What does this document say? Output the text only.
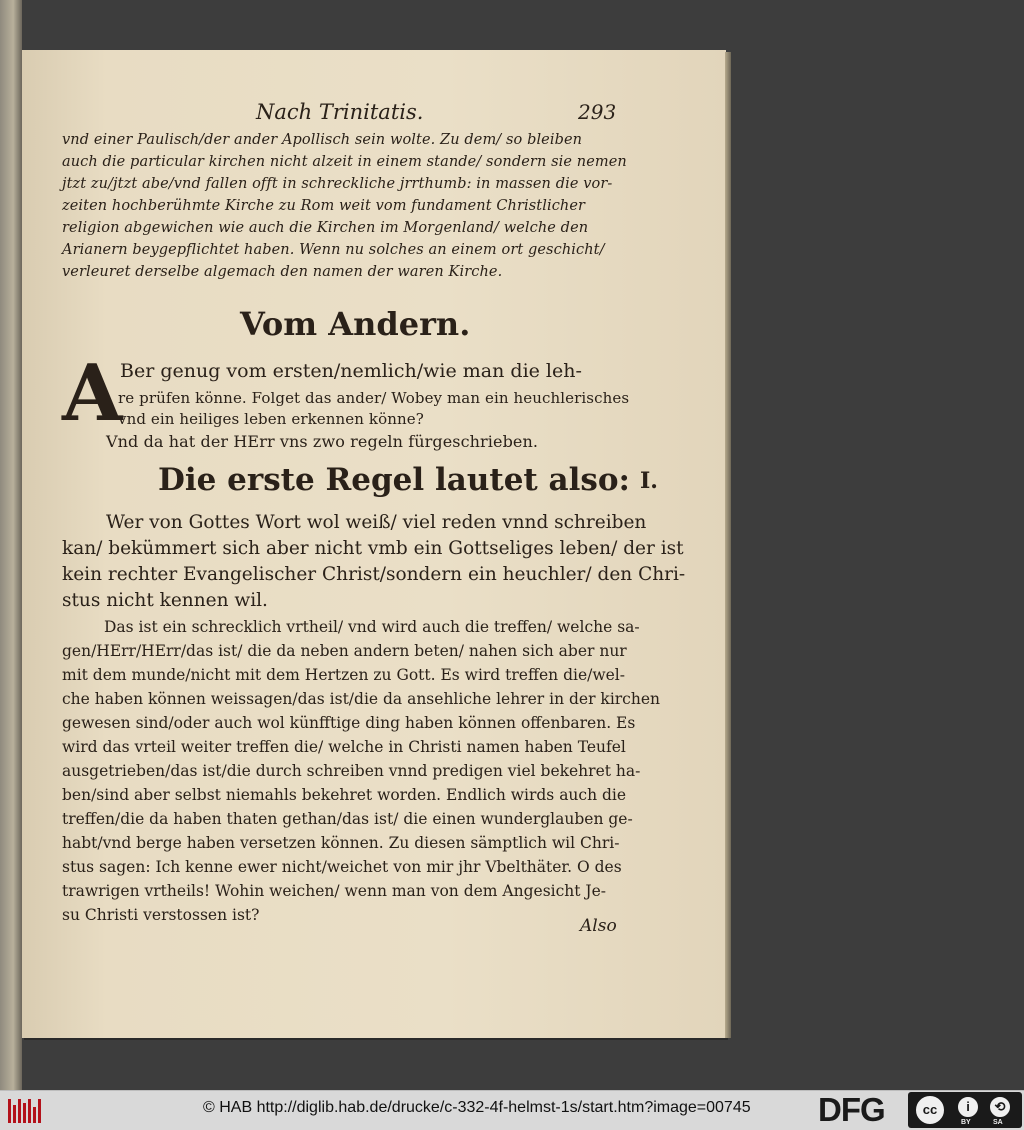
Nach Trinitatis.	293
vnd einer Paulisch/der ander Apollisch sein wolte. Zu dem/ so bleiben
auch die particular kirchen nicht alzeit in einem stande/ sondern sie nemen
jtzt zu/jtzt abe/vnd fallen offt in schreckliche jrrthumb: in massen die vor-
zeiten hochberühmte Kirche zu Rom weit vom fundament Christlicher
religion abgewichen wie auch die Kirchen im Morgenland/ welche den
Arianern beygepflichtet haben. Wenn nu solches an einem ort geschicht/
verleuret derselbe algemach den namen der waren Kirche.
Vom Andern.
A
Ber genug vom ersten/nemlich/wie man die leh-
re prüfen könne. Folget das ander/ Wobey man ein heuchlerisches
vnd ein heiliges leben erkennen könne?
Vnd da hat der HErr vns zwo regeln fürgeschrieben.
Die erste Regel lautet also: I.
Wer von Gottes Wort wol weiß/ viel reden vnnd schreiben
kan/ bekümmert sich aber nicht vmb ein Gottseliges leben/ der ist
kein rechter Evangelischer Christ/sondern ein heuchler/ den Chri-
stus nicht kennen wil.
Das ist ein schrecklich vrtheil/ vnd wird auch die treffen/ welche sa-
gen/HErr/HErr/das ist/ die da neben andern beten/ nahen sich aber nur
mit dem munde/nicht mit dem Hertzen zu Gott. Es wird treffen die/wel-
che haben können weissagen/das ist/die da ansehliche lehrer in der kirchen
gewesen sind/oder auch wol künfftige ding haben können offenbaren. Es
wird das vrteil weiter treffen die/ welche in Christi namen haben Teufel
ausgetrieben/das ist/die durch schreiben vnnd predigen viel bekehret ha-
ben/sind aber selbst niemahls bekehret worden. Endlich wirds auch die
treffen/die da haben thaten gethan/das ist/ die einen wunderglauben ge-
habt/vnd berge haben versetzen können. Zu diesen sämptlich wil Chri-
stus sagen: Ich kenne ewer nicht/weichet von mir jhr Vbelthäter. O des
trawrigen vrtheils! Wohin weichen/ wenn man von dem Angesicht Je-
su Christi verstossen ist?
Also
© HAB http://diglib.hab.de/drucke/c-332-4f-helmst-1s/start.htm?image=00745 DFG	cc	i	⟲
BY	SA
